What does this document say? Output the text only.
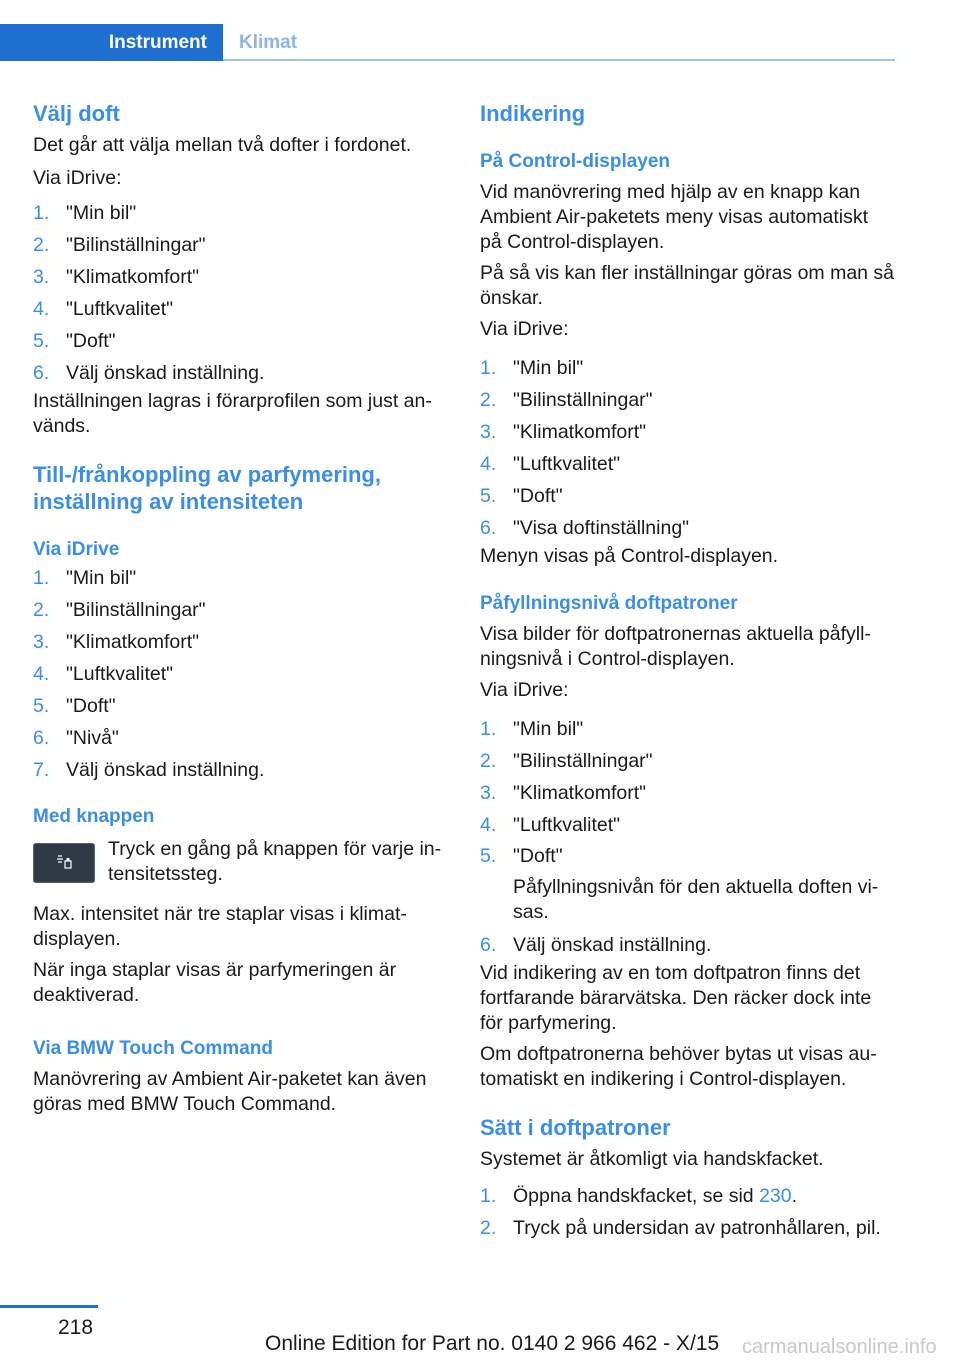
Instrument Klimat
Välj doft

Det går att välja mellan två dofter i fordonet.

Via iDrive:

1. "Min bil"
2. "Bilinställningar"
3. "Klimatkomfort"
4. "Luftkvalitet"
5. "Doft"
6. Välj önskad inställning.

Inställningen lagras i förarprofilen som just an‐ vänds.

Till-/frånkoppling av parfymering, inställning av intensiteten
Via iDrive
1. "Min bil"
2. "Bilinställningar"
3. "Klimatkomfort"
4. "Luftkvalitet"
5. "Doft"
6. "Nivå"
7. Välj önskad inställning.
Med knappen
Tryck en gång på knappen för varje in‐ tensitetssteg.

Max. intensitet när tre staplar visas i klimat‐ displayen.

När inga staplar visas är parfymeringen är deaktiverad.

Via BMW Touch Command

Manövrering av Ambient Air-paketet kan även göras med BMW Touch Command.

Indikering
På Control-displayen

Vid manövrering med hjälp av en knapp kan Ambient Air-paketets meny visas automatiskt på Control-displayen.

På så vis kan fler inställningar göras om man så önskar.

Via iDrive:

1. "Min bil"
2. "Bilinställningar"
3. "Klimatkomfort"
4. "Luftkvalitet"
5. "Doft"
6. "Visa doftinställning"

Menyn visas på Control-displayen.

Påfyllningsnivå doftpatroner

Visa bilder för doftpatronernas aktuella påfyll‐ ningsnivå i Control-displayen.

Via iDrive:

1. "Min bil"
2. "Bilinställningar"
3. "Klimatkomfort"
4. "Luftkvalitet"
5. "Doft"
Påfyllningsnivån för den aktuella doften vi‐ sas.
6. Välj önskad inställning.

Vid indikering av en tom doftpatron finns det fortfarande bärarvätska. Den räcker dock inte för parfymering.

Om doftpatronerna behöver bytas ut visas au‐ tomatiskt en indikering i Control-displayen.

Sätt i doftpatroner

Systemet är åtkomligt via handskfacket.

1. Öppna handskfacket, se sid 230.
2. Tryck på undersidan av patronhållaren, pil.
218
Online Edition for Part no. 0140 2 966 462 - X/15 carmanualsonline.info
